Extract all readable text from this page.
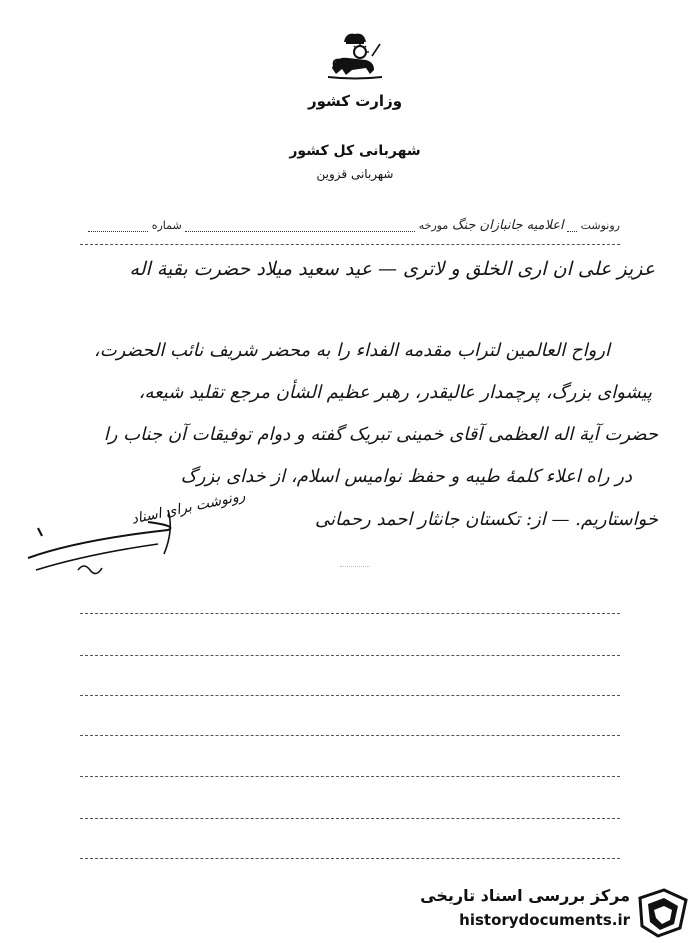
وزارت کشور
شهربانی کل کشور
شهربانی قزوین
رونوشت  اعلامیه جانبازان جنگ مورخه  شماره
عزیز علی ان اری الخلق و لاتری — عید سعید میلاد حضرت بقیة اله
ارواح العالمین لتراب مقدمه الفداء را به محضر شریف نائب الحضرت،
پیشوای بزرگ، پرچمدار عالیقدر، رهبر عظیم الشأن مرجع تقلید شیعه،
حضرت آیة اله العظمی آقای خمینی تبریک گفته و دوام توفیقات آن جناب را
در راه اعلاء کلمهٔ طیبه و حفظ نوامیس اسلام، از خدای بزرگ
خواستاریم. — از: تکستان جانثار احمد رحمانی
رونوشت برای اسناد
مرکز بررسی اسناد تاریخی
historydocuments.ir
